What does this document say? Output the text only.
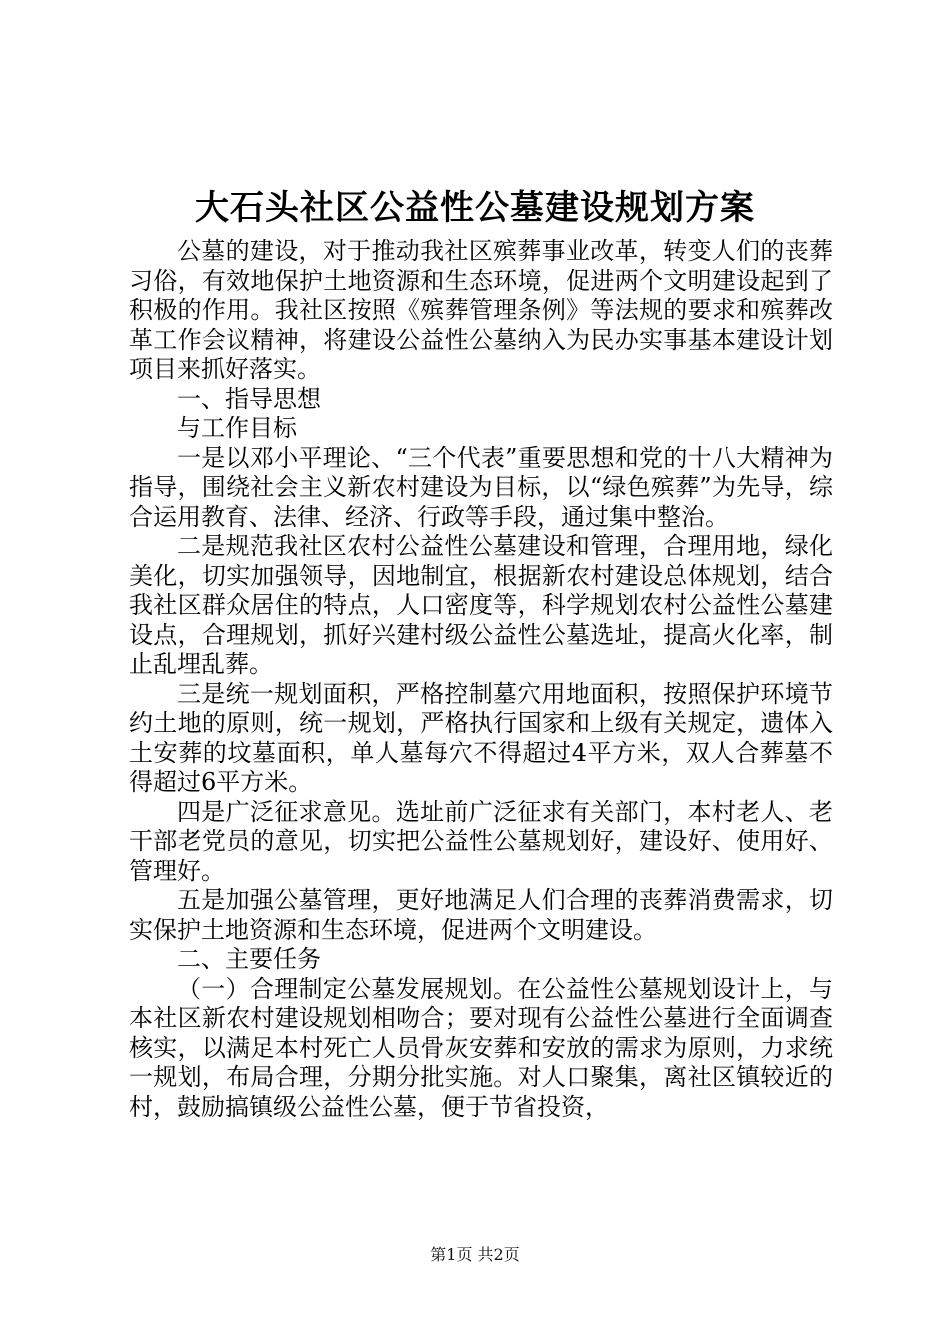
大石头社区公益性公墓建设规划方案

公墓的建设，对于推动我社区殡葬事业改革，转变人们的丧葬习俗，有效地保护土地资源和生态环境，促进两个文明建设起到了积极的作用。我社区按照《殡葬管理条例》等法规的要求和殡葬改革工作会议精神，将建设公益性公墓纳入为民办实事基本建设计划项目来抓好落实。

一、指导思想

与工作目标

一是以邓小平理论、“三个代表”重要思想和党的十八大精神为指导，围绕社会主义新农村建设为目标，以“绿色殡葬”为先导，综合运用教育、法律、经济、行政等手段，通过集中整治。

二是规范我社区农村公益性公墓建设和管理，合理用地，绿化美化，切实加强领导，因地制宜，根据新农村建设总体规划，结合我社区群众居住的特点，人口密度等，科学规划农村公益性公墓建设点，合理规划，抓好兴建村级公益性公墓选址，提高火化率，制止乱埋乱葬。

三是统一规划面积，严格控制墓穴用地面积，按照保护环境节约土地的原则，统一规划，严格执行国家和上级有关规定，遗体入土安葬的坟墓面积，单人墓每穴不得超过4平方米，双人合葬墓不得超过6平方米。

四是广泛征求意见。选址前广泛征求有关部门，本村老人、老干部老党员的意见，切实把公益性公墓规划好，建设好、使用好、管理好。

五是加强公墓管理，更好地满足人们合理的丧葬消费需求，切实保护土地资源和生态环境，促进两个文明建设。

二、主要任务

（一）合理制定公墓发展规划。在公益性公墓规划设计上，与本社区新农村建设规划相吻合；要对现有公益性公墓进行全面调查核实，以满足本村死亡人员骨灰安葬和安放的需求为原则，力求统一规划，布局合理，分期分批实施。对人口聚集，离社区镇较近的村，鼓励搞镇级公益性公墓，便于节省投资，

第1页 共2页
